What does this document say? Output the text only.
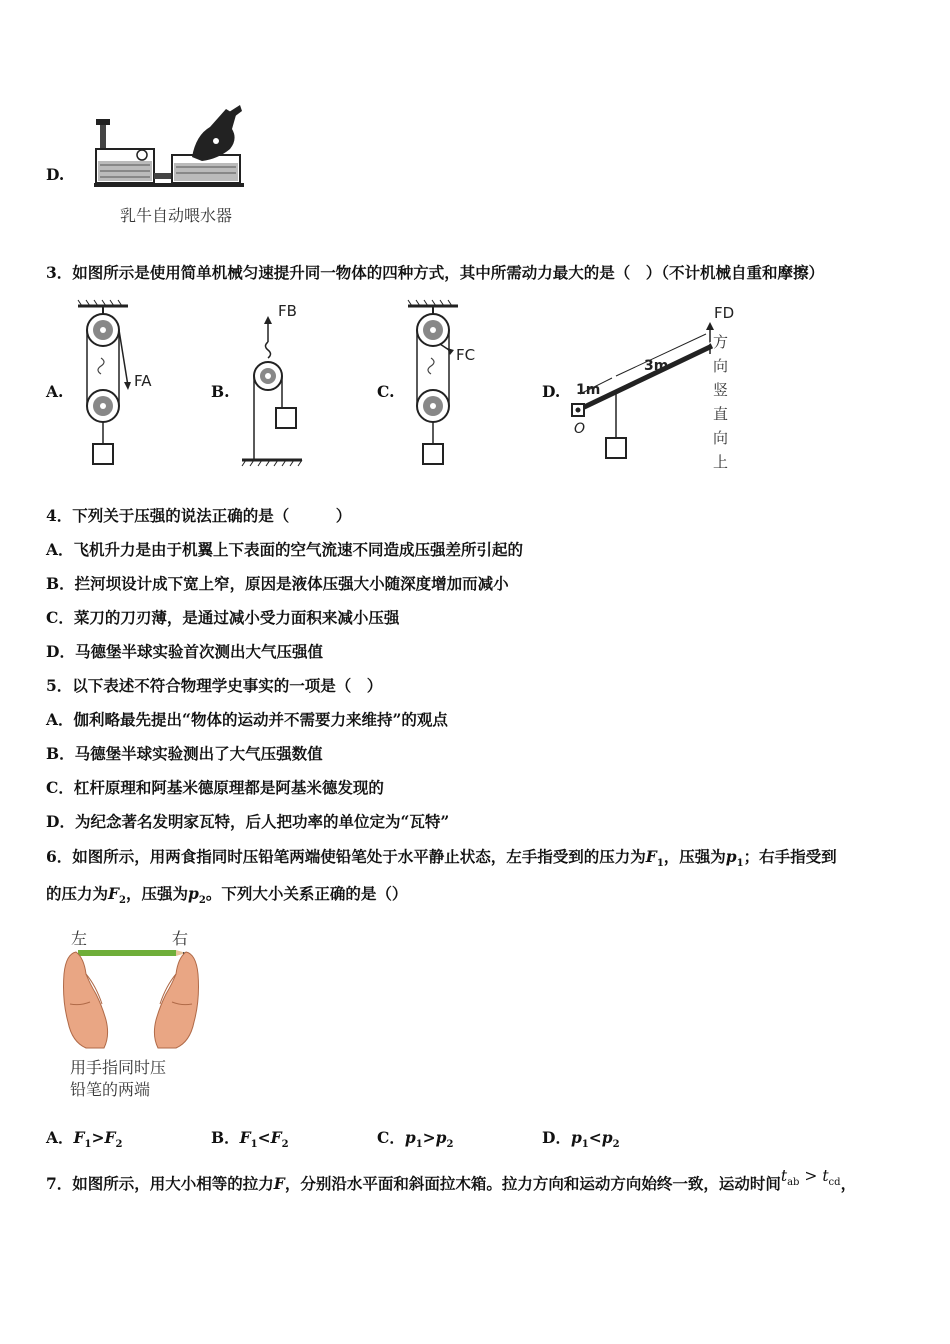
D.
乳牛自动喂水器
3．如图所示是使用简单机械匀速提升同一物体的四种方式，其中所需动力最大的是（　）（不计机械自重和摩擦）
A.
FA
B.
FB
C.
FC
D.
FD
O
1m
3m
方向竖直向上
4．下列关于压强的说法正确的是（　　　）
A．飞机升力是由于机翼上下表面的空气流速不同造成压强差所引起的
B．拦河坝设计成下宽上窄，原因是液体压强大小随深度增加而减小
C．菜刀的刀刃薄，是通过减小受力面积来减小压强
D．马德堡半球实验首次测出大气压强值
5．以下表述不符合物理学史事实的一项是（　）
A．伽利略最先提出“物体的运动并不需要力来维持”的观点
B．马德堡半球实验测出了大气压强数值
C．杠杆原理和阿基米德原理都是阿基米德发现的
D．为纪念著名发明家瓦特，后人把功率的单位定为“瓦特”
6．如图所示，用两食指同时压铅笔两端使铅笔处于水平静止状态，左手指受到的压力为$F_1$，压强为$p_1$；右手指受到
的压力为$F_2$，压强为$p_2$。下列大小关系正确的是（）
左	右
用手指同时压
铅笔的两端
A．$F_1>F_2$	B．$F_1<F_2$	C．$p_1>p_2$	D．$p_1<p_2$
7．如图所示，用大小相等的拉力F，分别沿水平面和斜面拉木箱。拉力方向和运动方向始终一致，运动时间$t_{ab} > t_{cd}$，
